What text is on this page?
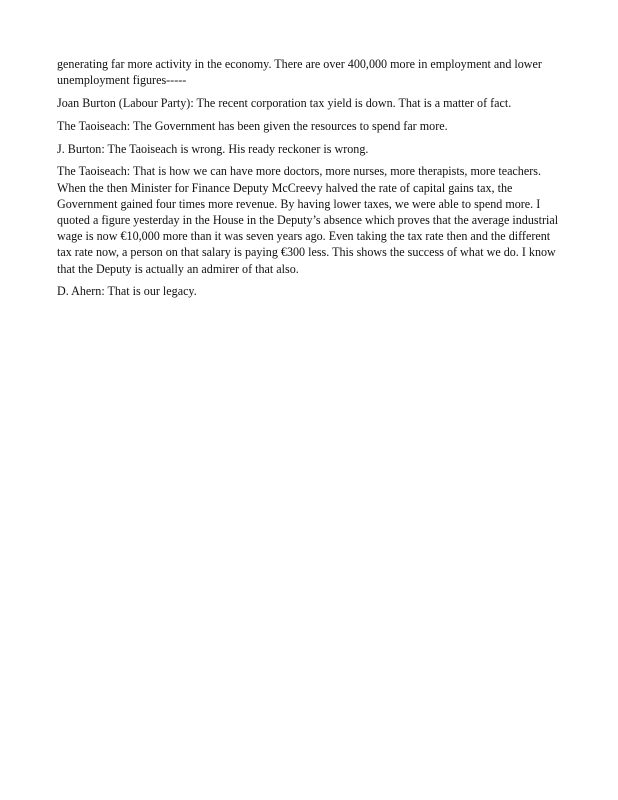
generating far more activity in the economy. There are over 400,000 more in employment and lower unemployment figures-----

Joan Burton (Labour Party): The recent corporation tax yield is down. That is a matter of fact.

The Taoiseach: The Government has been given the resources to spend far more.

J. Burton: The Taoiseach is wrong. His ready reckoner is wrong.

The Taoiseach: That is how we can have more doctors, more nurses, more therapists, more teachers. When the then Minister for Finance Deputy McCreevy halved the rate of capital gains tax, the Government gained four times more revenue. By having lower taxes, we were able to spend more. I quoted a figure yesterday in the House in the Deputy’s absence which proves that the average industrial wage is now €10,000 more than it was seven years ago. Even taking the tax rate then and the different tax rate now, a person on that salary is paying €300 less. This shows the success of what we do. I know that the Deputy is actually an admirer of that also.

D. Ahern: That is our legacy.
